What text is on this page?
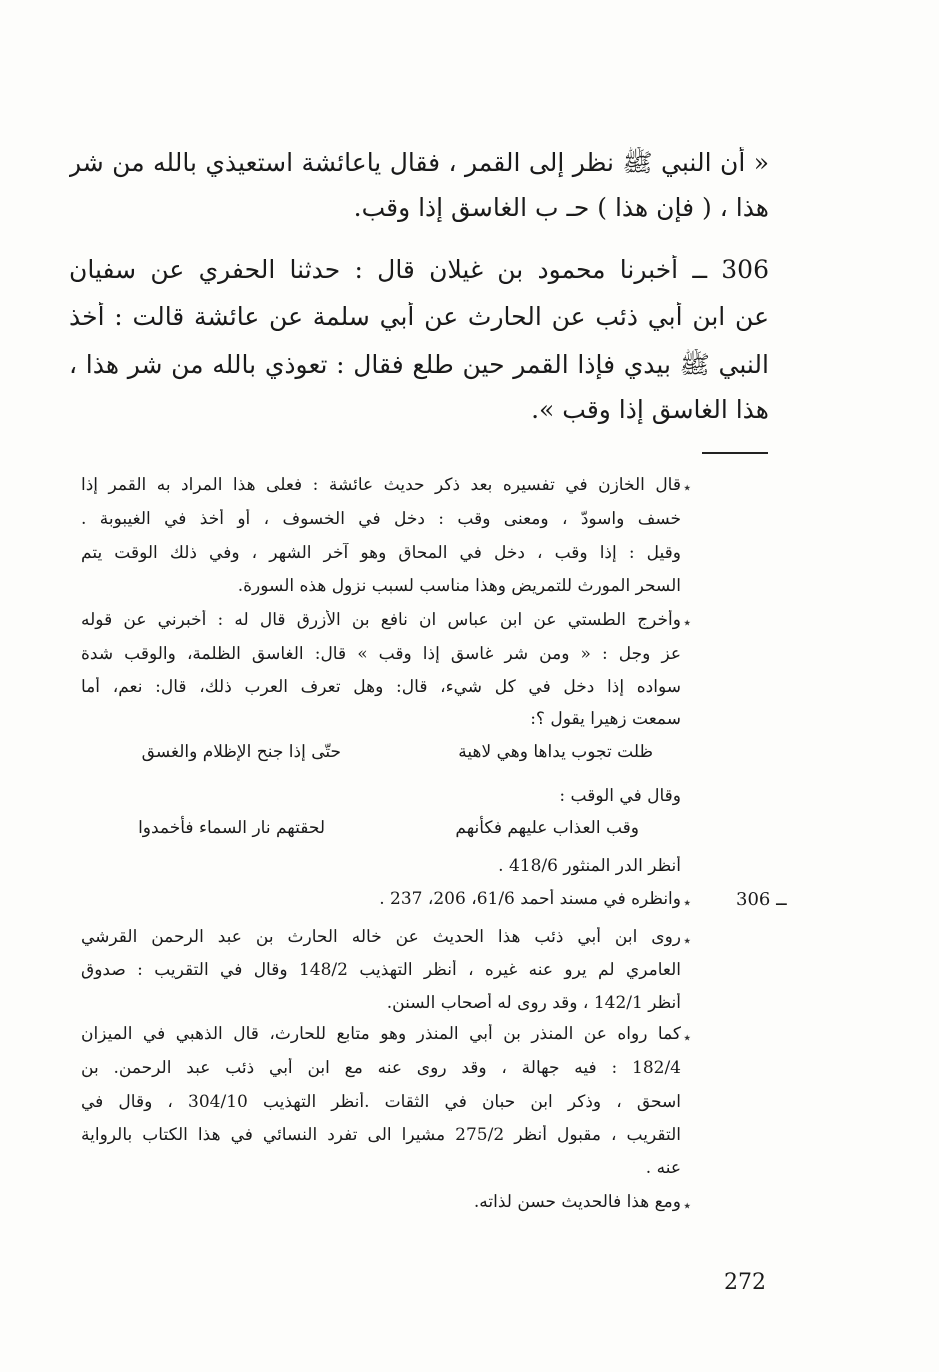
« أن النبي ﷺ نظر إلى القمر ، فقال ياعائشة استعيذي بالله من شر
هذا ، ( فإن هذا ) حـ ب الغاسق إذا وقب.
306 ــ أخبرنا محمود بن غيلان قال : حدثنا الحفري عن سفيان
عن ابن أبي ذئب عن الحارث عن أبي سلمة عن عائشة قالت : أخذ
النبي ﷺ بيدي فإذا القمر حين طلع فقال : تعوذي بالله من شر هذا ،
هذا الغاسق إذا وقب ».
٭
قال الخازن في تفسيره بعد ذكر حديث عائشة : فعلى هذا المراد به القمر إذا
خسف واسودّ ، ومعنى وقب : دخل في الخسوف ، أو أخذ في الغيبوبة .
وقيل : إذا وقب ، دخل في المحاق وهو آخر الشهر ، وفي ذلك الوقت يتم
السحر المورث للتمريض وهذا مناسب لسبب نزول هذه السورة.
٭
وأخرج الطستي عن ابن عباس ان نافع بن الأزرق قال له : أخبرني عن قوله
عز وجل : « ومن شر غاسق إذا وقب » قال: الغاسق الظلمة، والوقب شدة
سواده إذا دخل في كل شيء، قال: وهل تعرف العرب ذلك، قال: نعم، أما
سمعت زهيرا يقول ؟:
ظلت تجوب يداها وهي لاهية
حتّى إذا جنح الإظلام والغسق
وقال في الوقب :
وقب العذاب عليهم فكأنهم
لحقتهم نار السماء فأخمدوا
أنظر الدر المنثور 418/6 .
306 ــ
٭
وانظره في مسند أحمد 61/6، 206، 237 .
٭
روى ابن أبي ذئب هذا الحديث عن خاله الحارث بن عبد الرحمن القرشي
العامري لم يرو عنه غيره ، أنظر التهذيب 148/2 وقال في التقريب : صدوق
أنظر 142/1 ، وقد روى له أصحاب السنن.
٭
كما رواه عن المنذر بن أبي المنذر وهو متابع للحارث، قال الذهبي في الميزان
182/4 : فيه جهالة ، وقد روى عنه مع ابن أبي ذئب عبد الرحمن. بن
اسحق ، وذكر ابن حبان في الثقات .أنظر التهذيب 304/10 ، وقال في
التقريب ، مقبول أنظر 275/2 مشيرا الى تفرد النسائي في هذا الكتاب بالرواية
عنه .
٭
ومع هذا فالحديث حسن لذاته.
272
